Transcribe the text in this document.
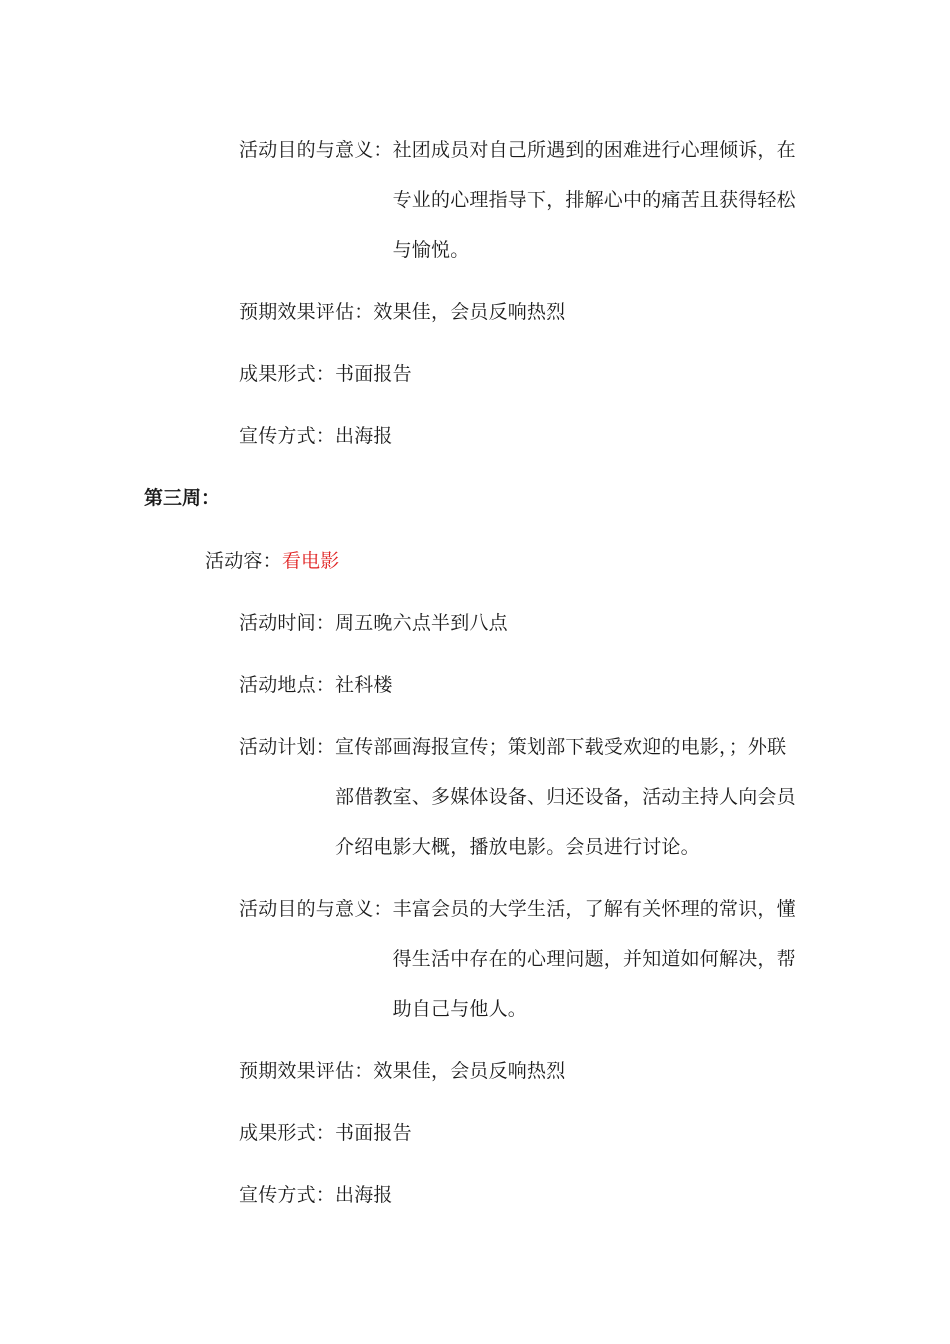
活动目的与意义： 社团成员对自己所遇到的困难进行心理倾诉，在
专业的心理指导下，排解心中的痛苦且获得轻松
与愉悦。
预期效果评估： 效果佳，会员反响热烈
成果形式： 书面报告
宣传方式： 出海报
第三周：
活动容： 看电影
活动时间： 周五晚六点半到八点
活动地点： 社科楼
活动计划： 宣传部画海报宣传；策划部下载受欢迎的电影，；外联
部借教室、多媒体设备、归还设备，活动主持人向会员
介绍电影大概，播放电影。会员进行讨论。
活动目的与意义： 丰富会员的大学生活，了解有关怀理的常识，懂
得生活中存在的心理问题，并知道如何解决，帮
助自己与他人。
预期效果评估： 效果佳，会员反响热烈
成果形式： 书面报告
宣传方式： 出海报
